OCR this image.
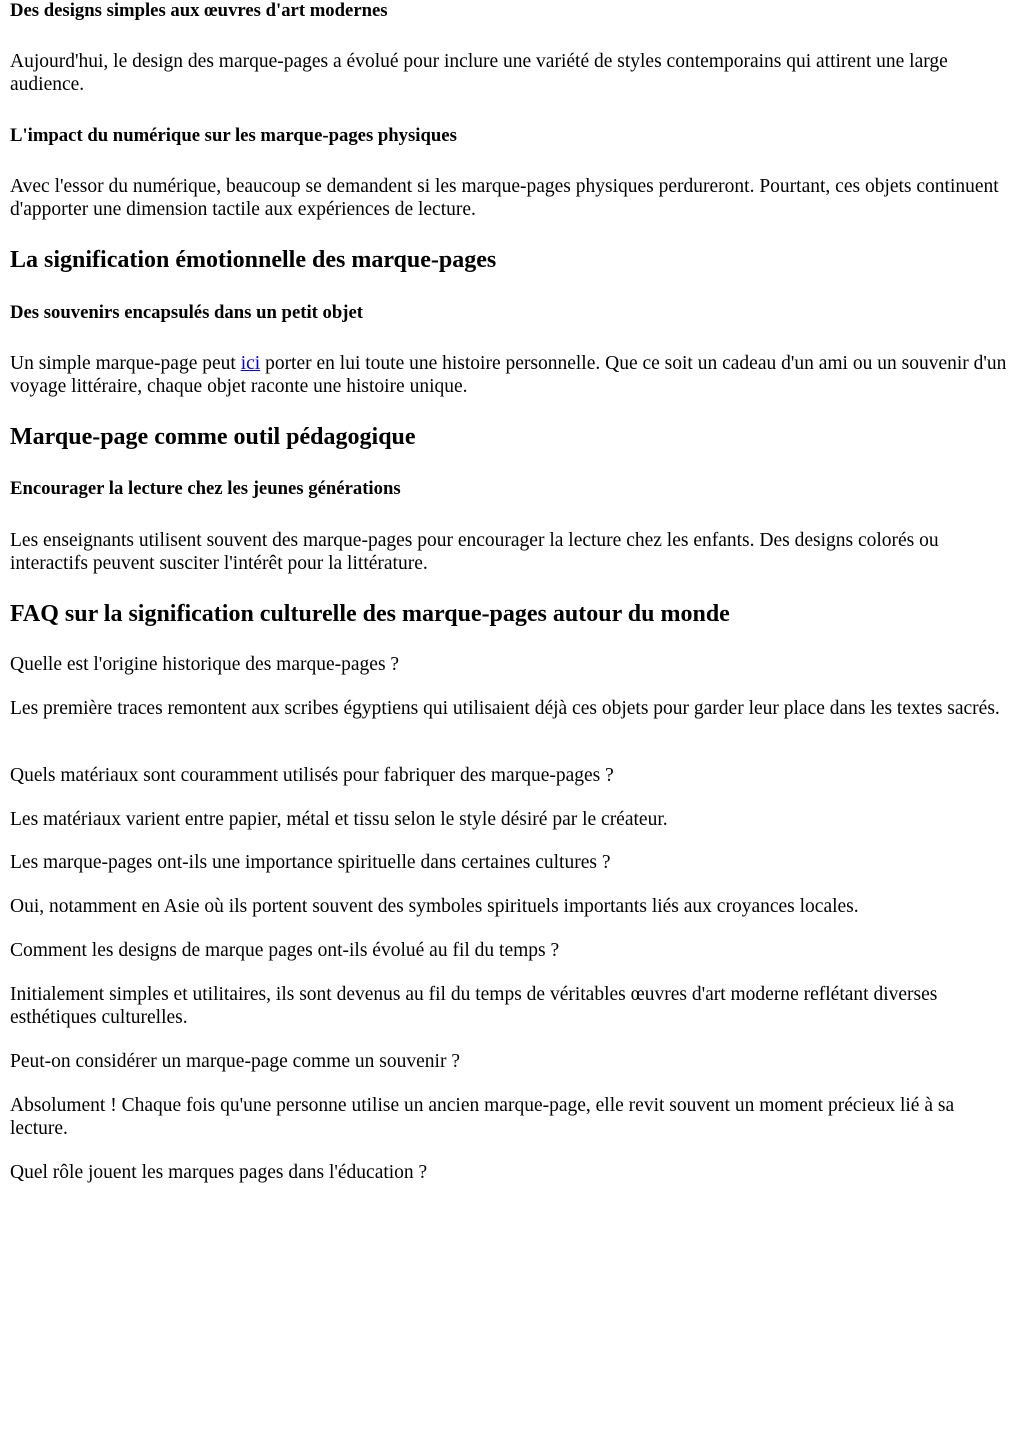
Des designs simples aux œuvres d'art modernes

Aujourd'hui, le design des marque-pages a évolué pour inclure une variété de styles contemporains qui attirent une large audience.

L'impact du numérique sur les marque-pages physiques

Avec l'essor du numérique, beaucoup se demandent si les marque-pages physiques perdureront. Pourtant, ces objets continuent d'apporter une dimension tactile aux expériences de lecture.

La signification émotionnelle des marque-pages
Des souvenirs encapsulés dans un petit objet

Un simple marque-page peut ici porter en lui toute une histoire personnelle. Que ce soit un cadeau d'un ami ou un souvenir d'un voyage littéraire, chaque objet raconte une histoire unique.

Marque-page comme outil pédagogique
Encourager la lecture chez les jeunes générations

Les enseignants utilisent souvent des marque-pages pour encourager la lecture chez les enfants. Des designs colorés ou interactifs peuvent susciter l'intérêt pour la littérature.

FAQ sur la signification culturelle des marque-pages autour du monde

Quelle est l'origine historique des marque-pages ?

Les première traces remontent aux scribes égyptiens qui utilisaient déjà ces objets pour garder leur place dans les textes sacrés.

Quels matériaux sont couramment utilisés pour fabriquer des marque-pages ?

Les matériaux varient entre papier, métal et tissu selon le style désiré par le créateur.

Les marque-pages ont-ils une importance spirituelle dans certaines cultures ?

Oui, notamment en Asie où ils portent souvent des symboles spirituels importants liés aux croyances locales.

Comment les designs de marque pages ont-ils évolué au fil du temps ?

Initialement simples et utilitaires, ils sont devenus au fil du temps de véritables œuvres d'art moderne reflétant diverses esthétiques culturelles.

Peut-on considérer un marque-page comme un souvenir ?

Absolument ! Chaque fois qu'une personne utilise un ancien marque-page, elle revit souvent un moment précieux lié à sa lecture.

Quel rôle jouent les marques pages dans l'éducation ?
